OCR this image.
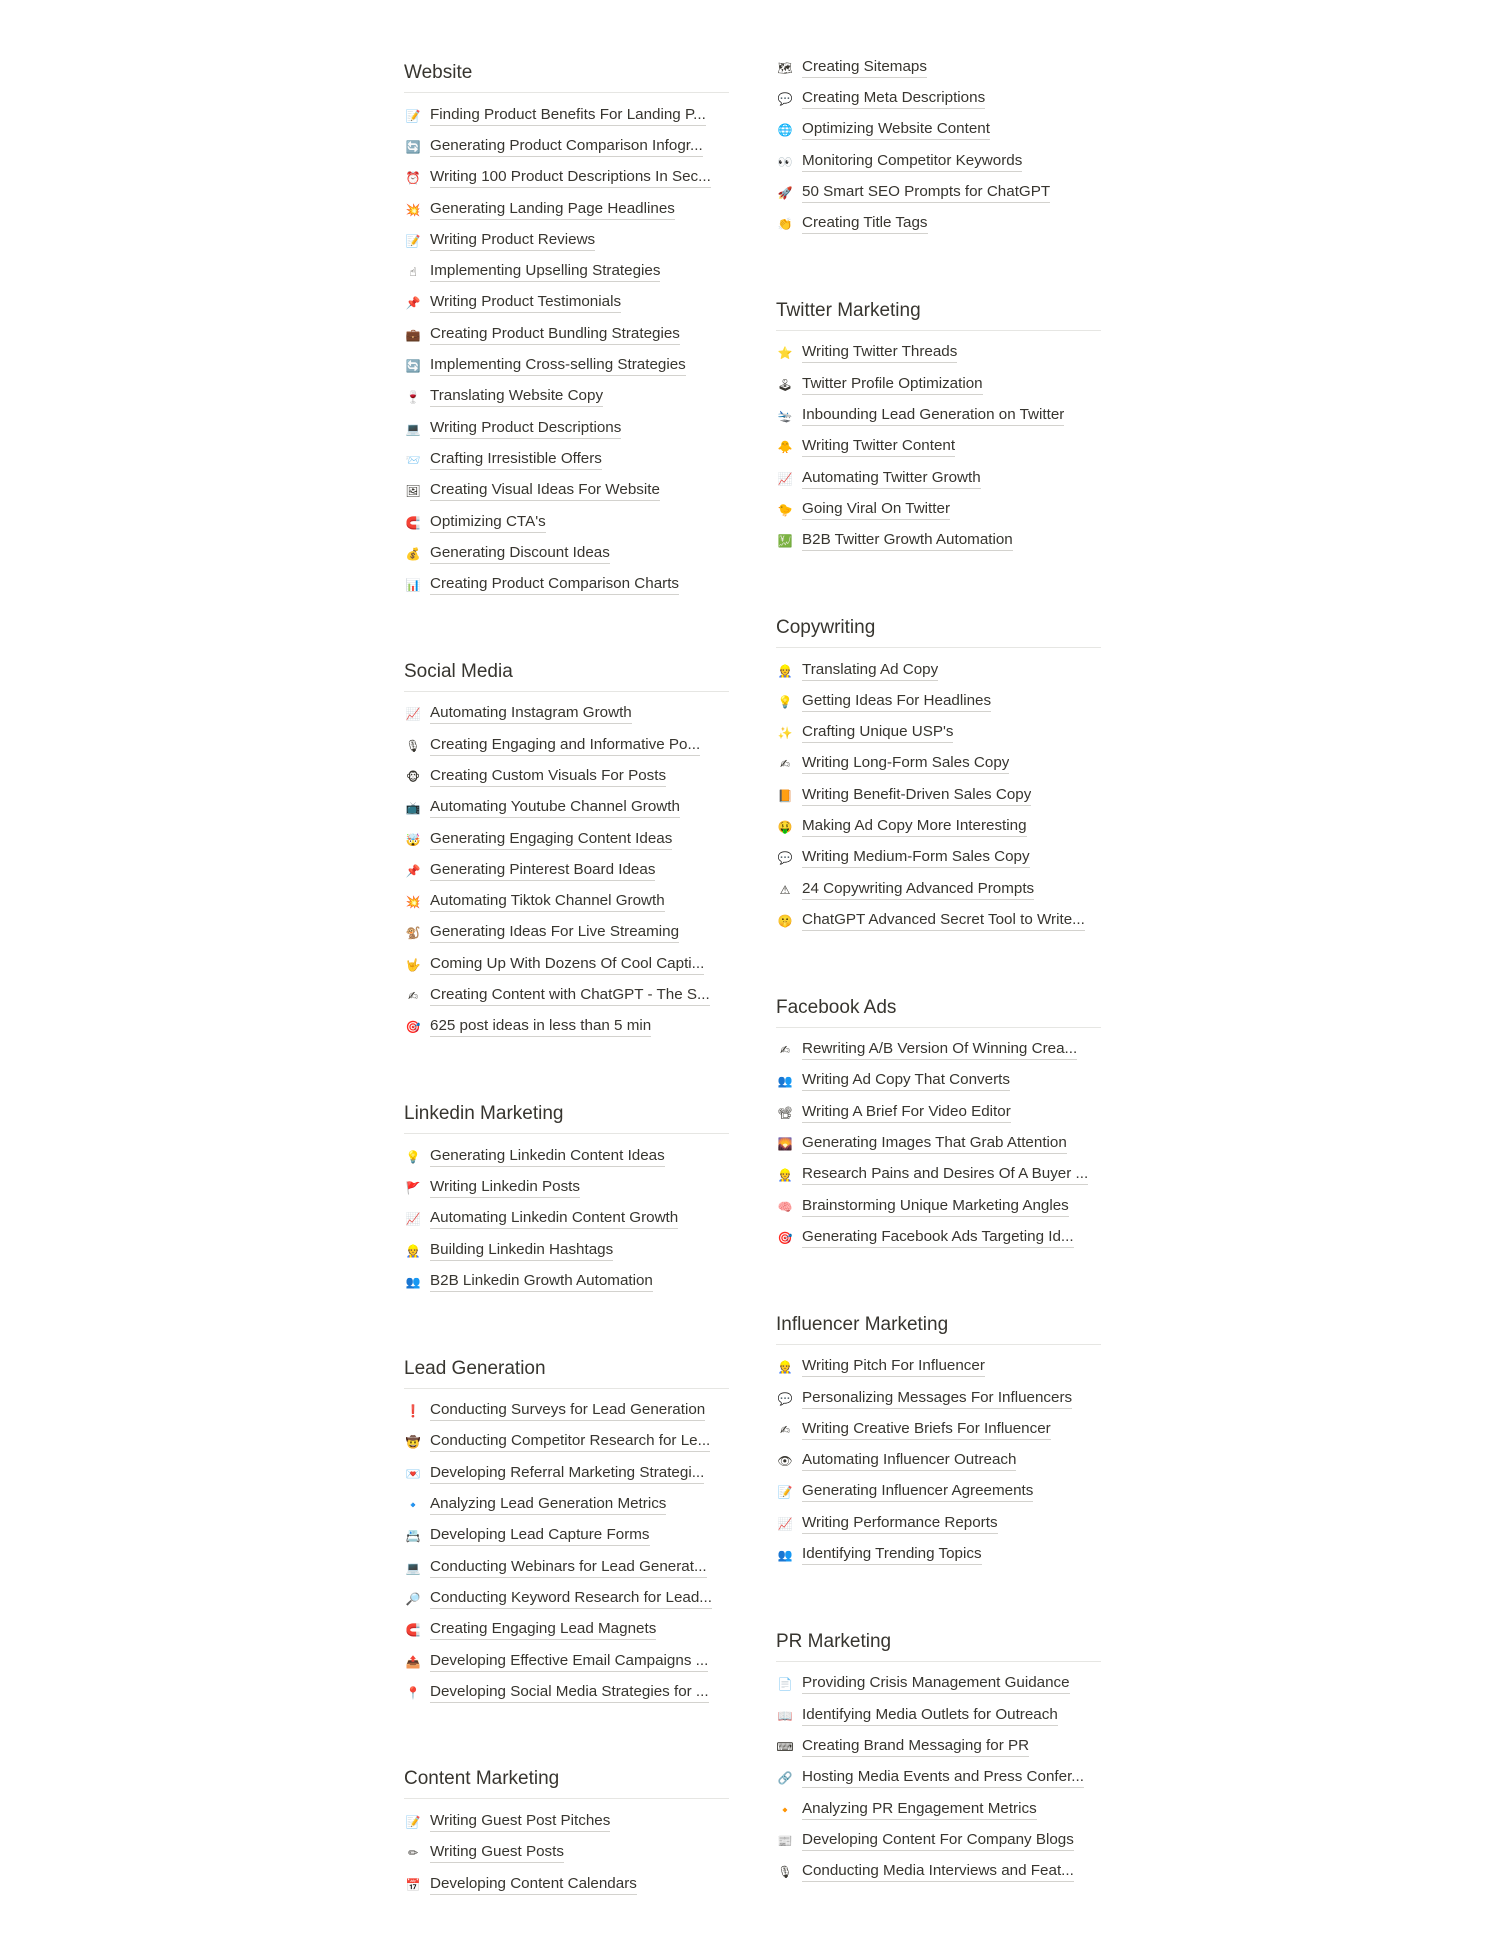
Website
📝 Finding Product Benefits For Landing P...
🔄 Generating Product Comparison Infogr...
⏰ Writing 100 Product Descriptions In Sec...
💥 Generating Landing Page Headlines
📝 Writing Product Reviews
☝ Implementing Upselling Strategies
📌 Writing Product Testimonials
💼 Creating Product Bundling Strategies
🔄 Implementing Cross-selling Strategies
🍷 Translating Website Copy
💻 Writing Product Descriptions
📨 Crafting Irresistible Offers
🖼 Creating Visual Ideas For Website
🧲 Optimizing CTA's
💰 Generating Discount Ideas
📊 Creating Product Comparison Charts
Social Media
📈 Automating Instagram Growth
🎙 Creating Engaging and Informative Po...
🐵 Creating Custom Visuals For Posts
📺 Automating Youtube Channel Growth
🤯 Generating Engaging Content Ideas
📌 Generating Pinterest Board Ideas
💥 Automating Tiktok Channel Growth
🐒 Generating Ideas For Live Streaming
🤟 Coming Up With Dozens Of Cool Capti...
✍ Creating Content with ChatGPT - The S...
🎯 625 post ideas in less than 5 min
Linkedin Marketing
💡 Generating Linkedin Content Ideas
🚩 Writing Linkedin Posts
📈 Automating Linkedin Content Growth
👷 Building Linkedin Hashtags
👥 B2B Linkedin Growth Automation
Lead Generation
❗ Conducting Surveys for Lead Generation
🤠 Conducting Competitor Research for Le...
💌 Developing Referral Marketing Strategi...
🔹 Analyzing Lead Generation Metrics
📇 Developing Lead Capture Forms
💻 Conducting Webinars for Lead Generat...
🔎 Conducting Keyword Research for Lead...
🧲 Creating Engaging Lead Magnets
📤 Developing Effective Email Campaigns ...
📍 Developing Social Media Strategies for ...
Content Marketing
📝 Writing Guest Post Pitches
✏ Writing Guest Posts
📅 Developing Content Calendars
🗺 Creating Sitemaps
💬 Creating Meta Descriptions
🌐 Optimizing Website Content
👀 Monitoring Competitor Keywords
🚀 50 Smart SEO Prompts for ChatGPT
👏 Creating Title Tags
Twitter Marketing
⭐ Writing Twitter Threads
🕹 Twitter Profile Optimization
🛬 Inbounding Lead Generation on Twitter
🐥 Writing Twitter Content
📈 Automating Twitter Growth
🐤 Going Viral On Twitter
💹 B2B Twitter Growth Automation
Copywriting
👷 Translating Ad Copy
💡 Getting Ideas For Headlines
✨ Crafting Unique USP's
✍ Writing Long-Form Sales Copy
📙 Writing Benefit-Driven Sales Copy
🤑 Making Ad Copy More Interesting
💬 Writing Medium-Form Sales Copy
⚠ 24 Copywriting Advanced Prompts
🤫 ChatGPT Advanced Secret Tool to Write...
Facebook Ads
✍ Rewriting A/B Version Of Winning Crea...
👥 Writing Ad Copy That Converts
📽 Writing A Brief For Video Editor
🌄 Generating Images That Grab Attention
👷 Research Pains and Desires Of A Buyer ...
🧠 Brainstorming Unique Marketing Angles
🎯 Generating Facebook Ads Targeting Id...
Influencer Marketing
👷 Writing Pitch For Influencer
💬 Personalizing Messages For Influencers
✍ Writing Creative Briefs For Influencer
👁 Automating Influencer Outreach
📝 Generating Influencer Agreements
📈 Writing Performance Reports
👥 Identifying Trending Topics
PR Marketing
📄 Providing Crisis Management Guidance
📖 Identifying Media Outlets for Outreach
⌨ Creating Brand Messaging for PR
🔗 Hosting Media Events and Press Confer...
🔸 Analyzing PR Engagement Metrics
📰 Developing Content For Company Blogs
🎙 Conducting Media Interviews and Feat...
